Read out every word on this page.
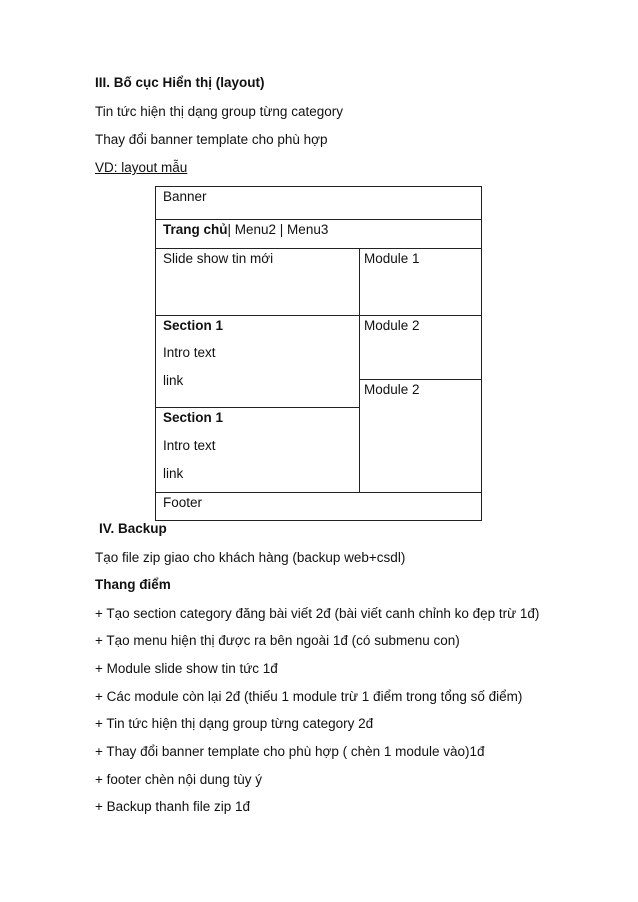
III. Bố cục Hiển thị (layout)
Tin tức hiện thị dạng group từng category
Thay đổi banner template cho phù hợp
VD: layout mẫu
Banner
Trang chủ| Menu2 | Menu3
Slide show tin mới	Module 1
Section 1
Intro text
link
Module 2
Module 2
Section 1
Intro text
link
Footer
IV. Backup
Tạo file zip giao cho khách hàng (backup web+csdl)
Thang điểm
+ Tạo section category đăng bài viết 2đ (bài viết canh chỉnh ko đẹp trừ 1đ)
+ Tạo menu hiện thị được ra bên ngoài 1đ (có submenu con)
+ Module slide show tin tức 1đ
+ Các module còn lại 2đ (thiếu 1 module trừ 1 điểm trong tổng số điểm)
+ Tin tức hiện thị dạng group từng category 2đ
+ Thay đổi banner template cho phù hợp ( chèn 1 module vào)1đ
+ footer chèn nội dung tùy ý
+ Backup thanh file zip 1đ
